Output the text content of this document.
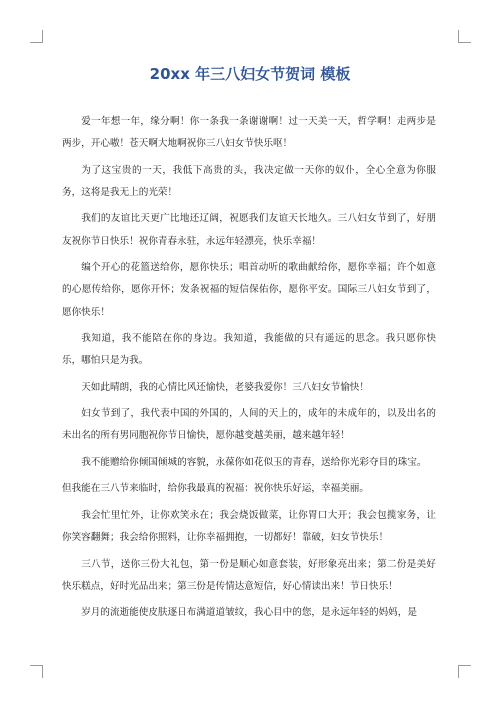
20xx 年三八妇女节贺词 模板

爱一年想一年，缘分啊！你一条我一条谢谢啊！过一天美一天，哲学啊！走两步是两步，开心嗷！苍天啊大地啊祝你三八妇女节快乐呕！

为了这宝贵的一天，我低下高贵的头，我决定做一天你的奴仆，全心全意为你服务，这将是我无上的光荣！

我们的友谊比天更广比地还辽阔，祝愿我们友谊天长地久。三八妇女节到了，好朋友祝你节日快乐！祝你青春永驻，永远年轻漂亮，快乐幸福！

编个开心的花篮送给你，愿你快乐；唱首动听的歌曲献给你，愿你幸福；许个如意的心愿传给你，愿你开怀；发条祝福的短信保佑你，愿你平安。国际三八妇女节到了，愿你快乐！

我知道，我不能陪在你的身边。我知道，我能做的只有遥远的思念。我只愿你快乐，哪怕只是为我。

天如此晴朗，我的心情比风还愉快，老婆我爱你！三八妇女节愉快！

妇女节到了，我代表中国的外国的，人间的天上的，成年的未成年的，以及出名的未出名的所有男同胞祝你节日愉快，愿你越变越美丽，越来越年轻！

我不能赠给你倾国倾城的容貌，永葆你如花似玉的青春，送给你光彩夺目的珠宝。

但我能在三八节来临时，给你我最真的祝福：祝你快乐好运，幸福美丽。

我会忙里忙外，让你欢笑永在；我会烧饭做菜，让你胃口大开；我会包揽家务，让你笑容翻舞；我会给你照料，让你幸福拥抱，一切都好！靠破，妇女节快乐！

三八节，送你三份大礼包，第一份是顺心如意套装，好形象亮出来；第二份是美好快乐糕点，好时光品出来；第三份是传情达意短信，好心情读出来！节日快乐！

岁月的流逝能使皮肤逐日布满道道皱纹，我心目中的您，是永远年轻的妈妈，是
